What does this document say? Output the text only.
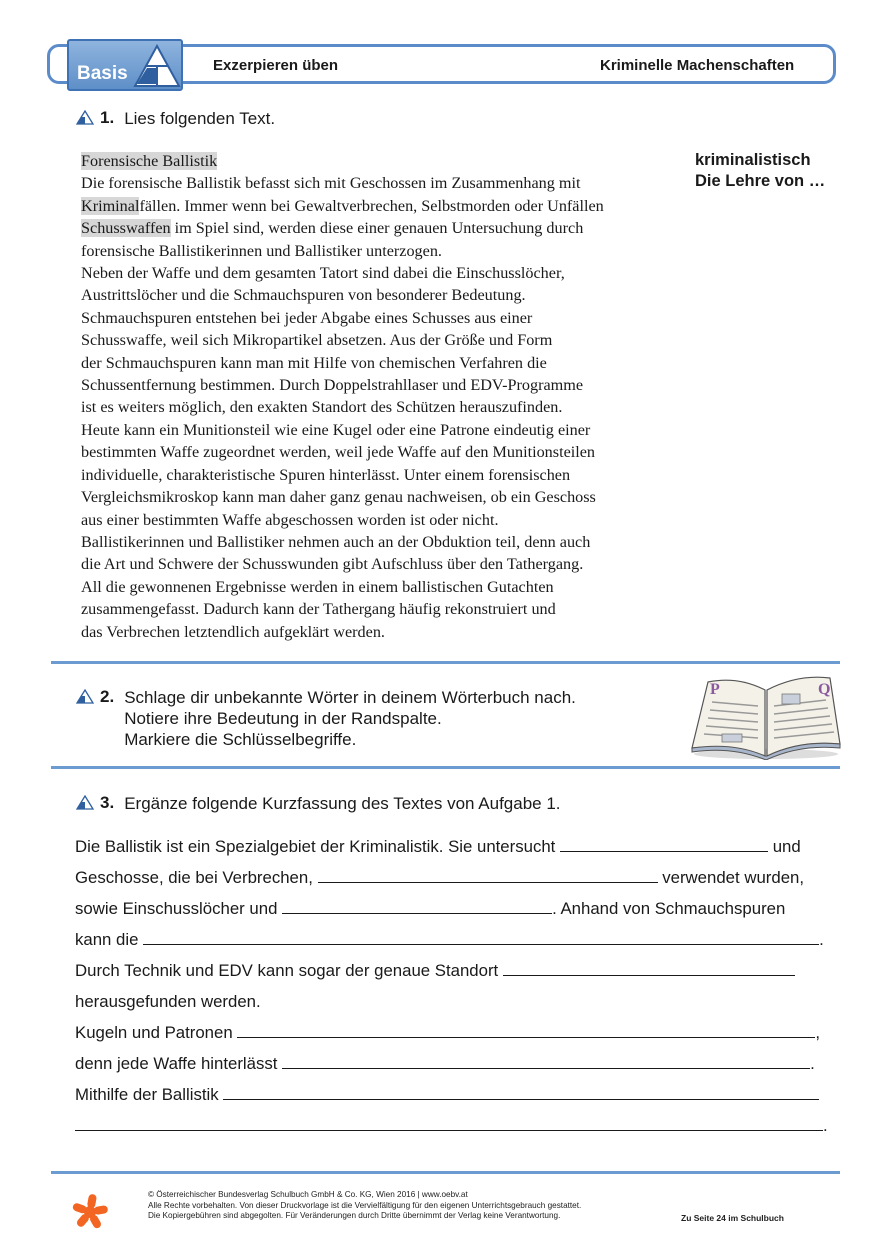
Basis	Exzerpieren üben	Kriminelle Machenschaften
1. Lies folgenden Text.
Forensische Ballistik
Die forensische Ballistik befasst sich mit Geschossen im Zusammenhang mit
Kriminalfällen. Immer wenn bei Gewaltverbrechen, Selbstmorden oder Unfällen
Schusswaffen im Spiel sind, werden diese einer genauen Untersuchung durch
forensische Ballistikerinnen und Ballistiker unterzogen.
Neben der Waffe und dem gesamten Tatort sind dabei die Einschusslöcher,
Austrittslöcher und die Schmauchspuren von besonderer Bedeutung.
Schmauchspuren entstehen bei jeder Abgabe eines Schusses aus einer
Schusswaffe, weil sich Mikropartikel absetzen. Aus der Größe und Form
der Schmauchspuren kann man mit Hilfe von chemischen Verfahren die
Schussentfernung bestimmen. Durch Doppelstrahllaser und EDV-Programme
ist es weiters möglich, den exakten Standort des Schützen herauszufinden.
Heute kann ein Munitionsteil wie eine Kugel oder eine Patrone eindeutig einer
bestimmten Waffe zugeordnet werden, weil jede Waffe auf den Munitionsteilen
individuelle, charakteristische Spuren hinterlässt. Unter einem forensischen
Vergleichsmikroskop kann man daher ganz genau nachweisen, ob ein Geschoss
aus einer bestimmten Waffe abgeschossen worden ist oder nicht.
Ballistikerinnen und Ballistiker nehmen auch an der Obduktion teil, denn auch
die Art und Schwere der Schusswunden gibt Aufschluss über den Tathergang.
All die gewonnenen Ergebnisse werden in einem ballistischen Gutachten
zusammengefasst. Dadurch kann der Tathergang häufig rekonstruiert und
das Verbrechen letztendlich aufgeklärt werden.
kriminalistisch
Die Lehre von …
2. Schlage dir unbekannte Wörter in deinem Wörterbuch nach.
Notiere ihre Bedeutung in der Randspalte.
Markiere die Schlüsselbegriffe.
P	Q
3. Ergänze folgende Kurzfassung des Textes von Aufgabe 1.
Die Ballistik ist ein Spezialgebiet der Kriminalistik. Sie untersucht	und
Geschosse, die bei Verbrechen,	verwendet wurden,
sowie Einschusslöcher und	. Anhand von Schmauchspuren
kann die	.
Durch Technik und EDV kann sogar der genaue Standort
herausgefunden werden.
Kugeln und Patronen	,
denn jede Waffe hinterlässt	.
Mithilfe der Ballistik
.
© Österreichischer Bundesverlag Schulbuch GmbH & Co. KG, Wien 2016 | www.oebv.at
Alle Rechte vorbehalten. Von dieser Druckvorlage ist die Vervielfältigung für den eigenen Unterrichtsgebrauch gestattet.
Die Kopiergebühren sind abgegolten. Für Veränderungen durch Dritte übernimmt der Verlag keine Verantwortung.	Zu Seite 24 im Schulbuch
